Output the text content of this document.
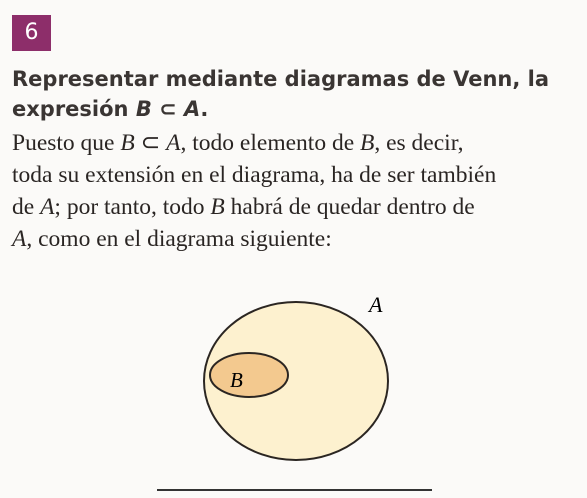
6

Representar mediante diagramas de Venn, la
expresión B ⊂ A.

Puesto que B ⊂ A, todo elemento de B, es decir,
toda su extensión en el diagrama, ha de ser también
de A; por tanto, todo B habrá de quedar dentro de
A, como en el diagrama siguiente:

A
B
